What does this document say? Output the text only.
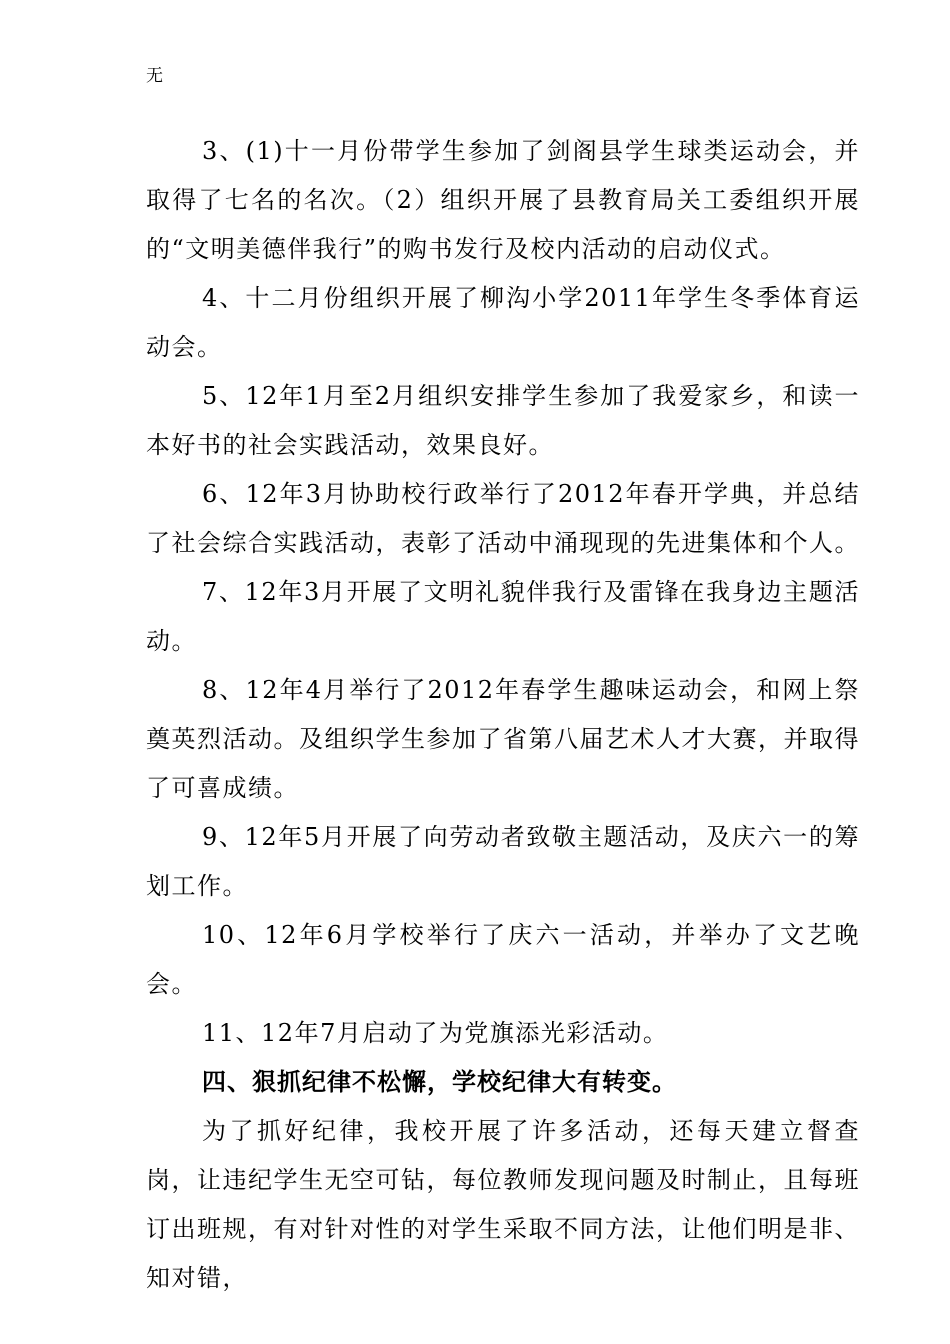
无

3、(1)十一月份带学生参加了剑阁县学生球类运动会，并取得了七名的名次。（2）组织开展了县教育局关工委组织开展的“文明美德伴我行”的购书发行及校内活动的启动仪式。

4、十二月份组织开展了柳沟小学2011年学生冬季体育运动会。

5、12年1月至2月组织安排学生参加了我爱家乡，和读一本好书的社会实践活动，效果良好。

6、12年3月协助校行政举行了2012年春开学典，并总结了社会综合实践活动，表彰了活动中涌现现的先进集体和个人。

7、12年3月开展了文明礼貌伴我行及雷锋在我身边主题活动。

8、12年4月举行了2012年春学生趣味运动会，和网上祭奠英烈活动。及组织学生参加了省第八届艺术人才大赛，并取得了可喜成绩。

9、12年5月开展了向劳动者致敬主题活动，及庆六一的筹划工作。

10、12年6月学校举行了庆六一活动，并举办了文艺晚会。

11、12年7月启动了为党旗添光彩活动。

四、狠抓纪律不松懈，学校纪律大有转变。

为了抓好纪律，我校开展了许多活动，还每天建立督查岗，让违纪学生无空可钻，每位教师发现问题及时制止，且每班订出班规，有对针对性的对学生采取不同方法，让他们明是非、知对错，
